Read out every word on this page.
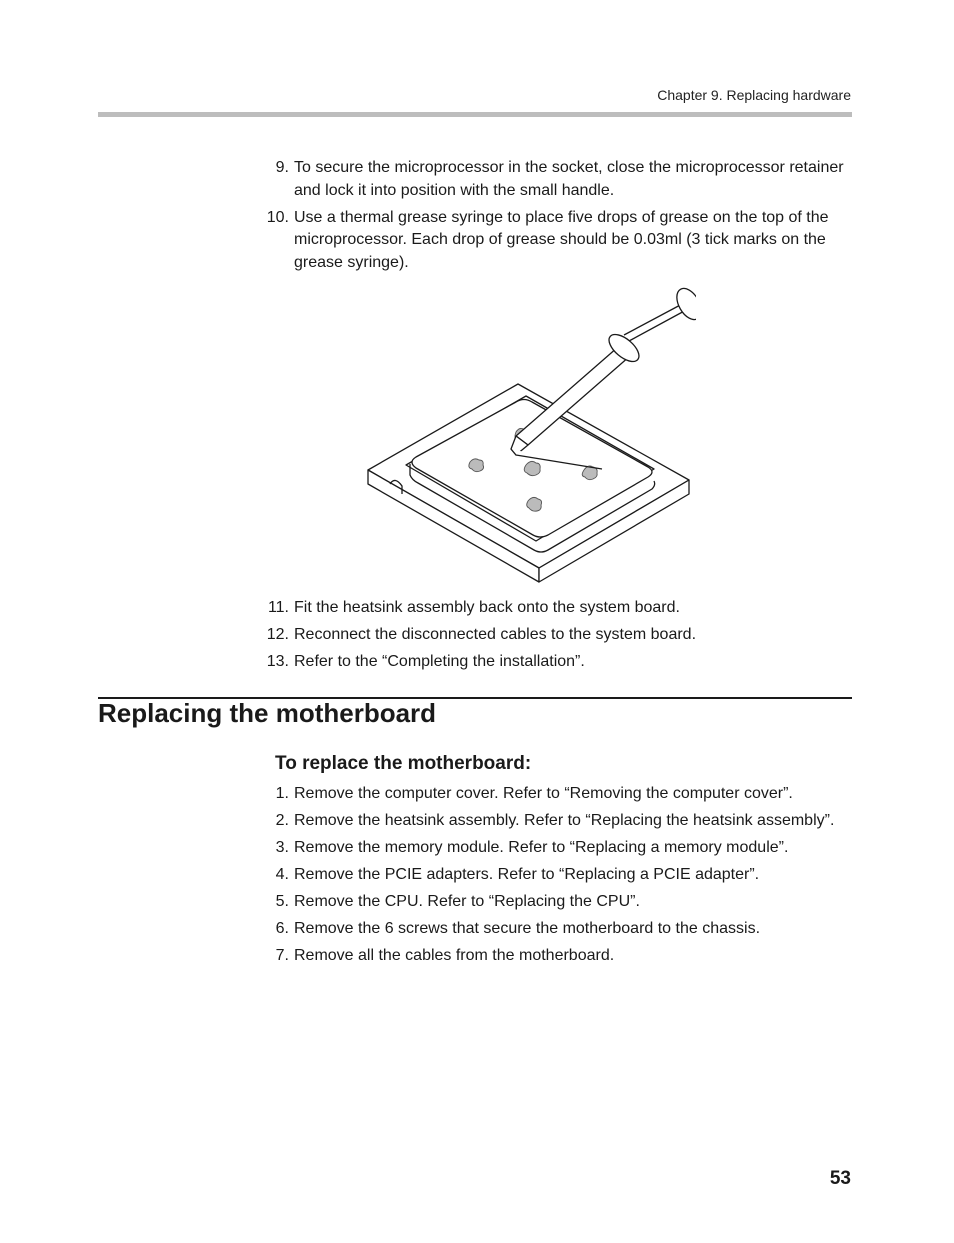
Chapter 9. Replacing hardware
9. To secure the microprocessor in the socket, close the microprocessor retainer and lock it into position with the small handle.
10. Use a thermal grease syringe to place five drops of grease on the top of the microprocessor. Each drop of grease should be 0.03ml (3 tick marks on the grease syringe).
11. Fit the heatsink assembly back onto the system board.
12. Reconnect the disconnected cables to the system board.
13. Refer to the “Completing the installation”.
Replacing the motherboard
To replace the motherboard:
1. Remove the computer cover. Refer to “Removing the computer cover”.
2. Remove the heatsink assembly. Refer to “Replacing the heatsink assembly”.
3. Remove the memory module. Refer to “Replacing a memory module”.
4. Remove the PCIE adapters. Refer to “Replacing a PCIE adapter”.
5. Remove the CPU. Refer to “Replacing the CPU”.
6. Remove the 6 screws that secure the motherboard to the chassis.
7. Remove all the cables from the motherboard.
53
